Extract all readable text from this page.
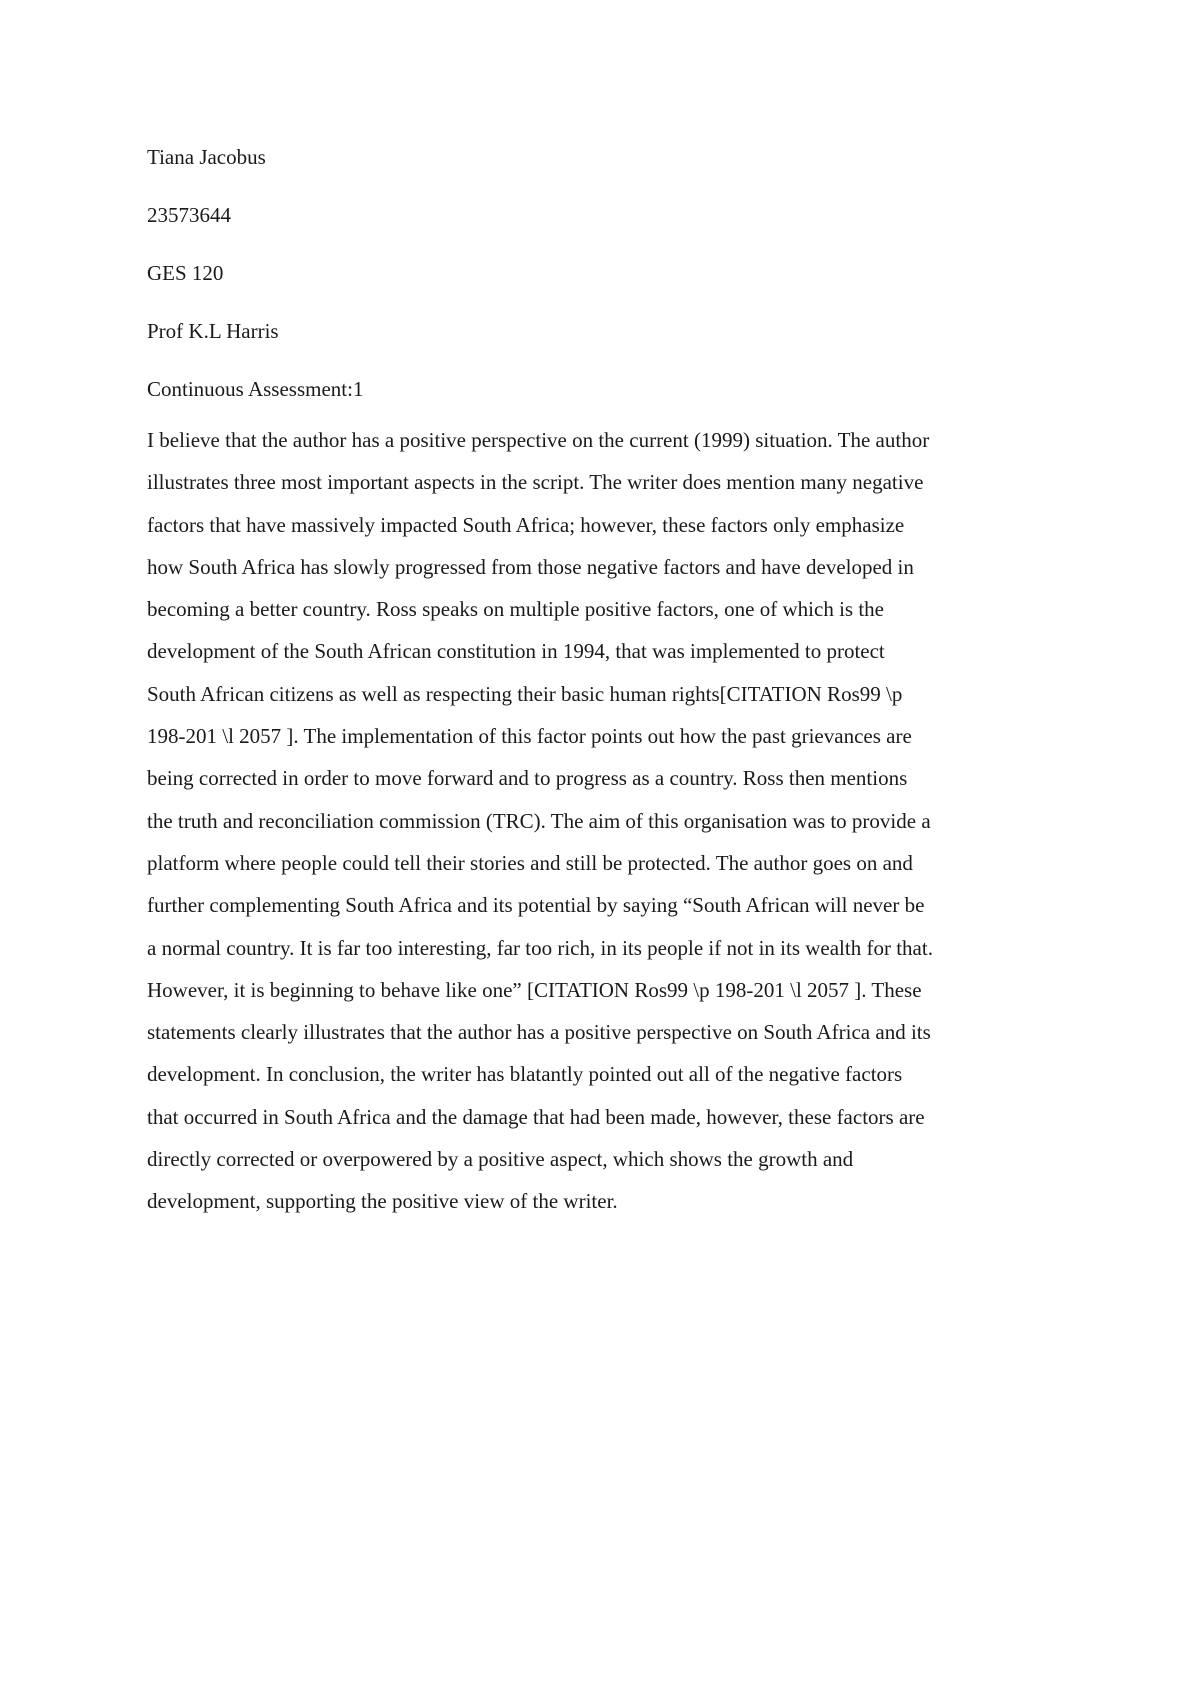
Tiana Jacobus

23573644

GES 120

Prof K.L Harris

Continuous Assessment:1

I believe that the author has a positive perspective on the current (1999) situation. The author
illustrates three most important aspects in the script. The writer does mention many negative
factors that have massively impacted South Africa; however, these factors only emphasize
how South Africa has slowly progressed from those negative factors and have developed in
becoming a better country. Ross speaks on multiple positive factors, one of which is the
development of the South African constitution in 1994, that was implemented to protect
South African citizens as well as respecting their basic human rights[CITATION Ros99 \p
198-201 \l 2057 ]. The implementation of this factor points out how the past grievances are
being corrected in order to move forward and to progress as a country. Ross then mentions
the truth and reconciliation commission (TRC). The aim of this organisation was to provide a
platform where people could tell their stories and still be protected. The author goes on and
further complementing South Africa and its potential by saying “South African will never be
a normal country. It is far too interesting, far too rich, in its people if not in its wealth for that.
However, it is beginning to behave like one” [CITATION Ros99 \p 198-201 \l 2057 ]. These
statements clearly illustrates that the author has a positive perspective on South Africa and its
development. In conclusion, the writer has blatantly pointed out all of the negative factors
that occurred in South Africa and the damage that had been made, however, these factors are
directly corrected or overpowered by a positive aspect, which shows the growth and
development, supporting the positive view of the writer.
